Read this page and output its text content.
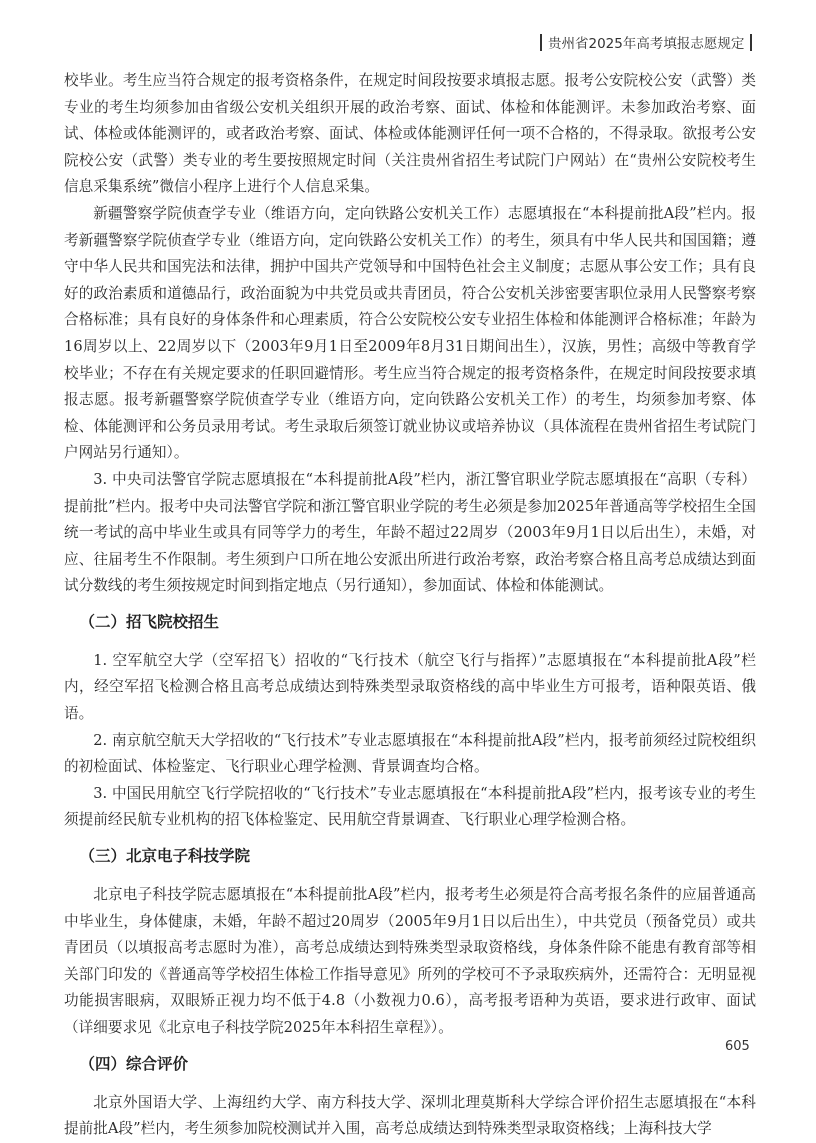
贵州省2025年高考填报志愿规定

校毕业。考生应当符合规定的报考资格条件，在规定时间段按要求填报志愿。报考公安院校公安（武警）类专业的考生均须参加由省级公安机关组织开展的政治考察、面试、体检和体能测评。未参加政治考察、面试、体检或体能测评的，或者政治考察、面试、体检或体能测评任何一项不合格的，不得录取。欲报考公安院校公安（武警）类专业的考生要按照规定时间（关注贵州省招生考试院门户网站）在“贵州公安院校考生信息采集系统”微信小程序上进行个人信息采集。

新疆警察学院侦查学专业（维语方向，定向铁路公安机关工作）志愿填报在“本科提前批A段”栏内。报考新疆警察学院侦查学专业（维语方向，定向铁路公安机关工作）的考生，须具有中华人民共和国国籍；遵守中华人民共和国宪法和法律，拥护中国共产党领导和中国特色社会主义制度；志愿从事公安工作；具有良好的政治素质和道德品行，政治面貌为中共党员或共青团员，符合公安机关涉密要害职位录用人民警察考察合格标准；具有良好的身体条件和心理素质，符合公安院校公安专业招生体检和体能测评合格标准；年龄为16周岁以上、22周岁以下（2003年9月1日至2009年8月31日期间出生），汉族，男性；高级中等教育学校毕业；不存在有关规定要求的任职回避情形。考生应当符合规定的报考资格条件，在规定时间段按要求填报志愿。报考新疆警察学院侦查学专业（维语方向，定向铁路公安机关工作）的考生，均须参加考察、体检、体能测评和公务员录用考试。考生录取后须签订就业协议或培养协议（具体流程在贵州省招生考试院门户网站另行通知）。

3. 中央司法警官学院志愿填报在“本科提前批A段”栏内，浙江警官职业学院志愿填报在“高职（专科）提前批”栏内。报考中央司法警官学院和浙江警官职业学院的考生必须是参加2025年普通高等学校招生全国统一考试的高中毕业生或具有同等学力的考生，年龄不超过22周岁（2003年9月1日以后出生），未婚，对应、往届考生不作限制。考生须到户口所在地公安派出所进行政治考察，政治考察合格且高考总成绩达到面试分数线的考生须按规定时间到指定地点（另行通知），参加面试、体检和体能测试。

（二）招飞院校招生

1. 空军航空大学（空军招飞）招收的“飞行技术（航空飞行与指挥）”志愿填报在“本科提前批A段”栏内，经空军招飞检测合格且高考总成绩达到特殊类型录取资格线的高中毕业生方可报考，语种限英语、俄语。

2. 南京航空航天大学招收的“飞行技术”专业志愿填报在“本科提前批A段”栏内，报考前须经过院校组织的初检面试、体检鉴定、飞行职业心理学检测、背景调查均合格。

3. 中国民用航空飞行学院招收的“飞行技术”专业志愿填报在“本科提前批A段”栏内，报考该专业的考生须提前经民航专业机构的招飞体检鉴定、民用航空背景调查、飞行职业心理学检测合格。

（三）北京电子科技学院

北京电子科技学院志愿填报在“本科提前批A段”栏内，报考考生必须是符合高考报名条件的应届普通高中毕业生，身体健康，未婚，年龄不超过20周岁（2005年9月1日以后出生），中共党员（预备党员）或共青团员（以填报高考志愿时为准），高考总成绩达到特殊类型录取资格线，身体条件除不能患有教育部等相关部门印发的《普通高等学校招生体检工作指导意见》所列的学校可不予录取疾病外，还需符合：无明显视功能损害眼病，双眼矫正视力均不低于4.8（小数视力0.6），高考报考语种为英语，要求进行政审、面试（详细要求见《北京电子科技学院2025年本科招生章程》）。

（四）综合评价

北京外国语大学、上海纽约大学、南方科技大学、深圳北理莫斯科大学综合评价招生志愿填报在“本科提前批A段”栏内，考生须参加院校测试并入围，高考总成绩达到特殊类型录取资格线；上海科技大学

605
